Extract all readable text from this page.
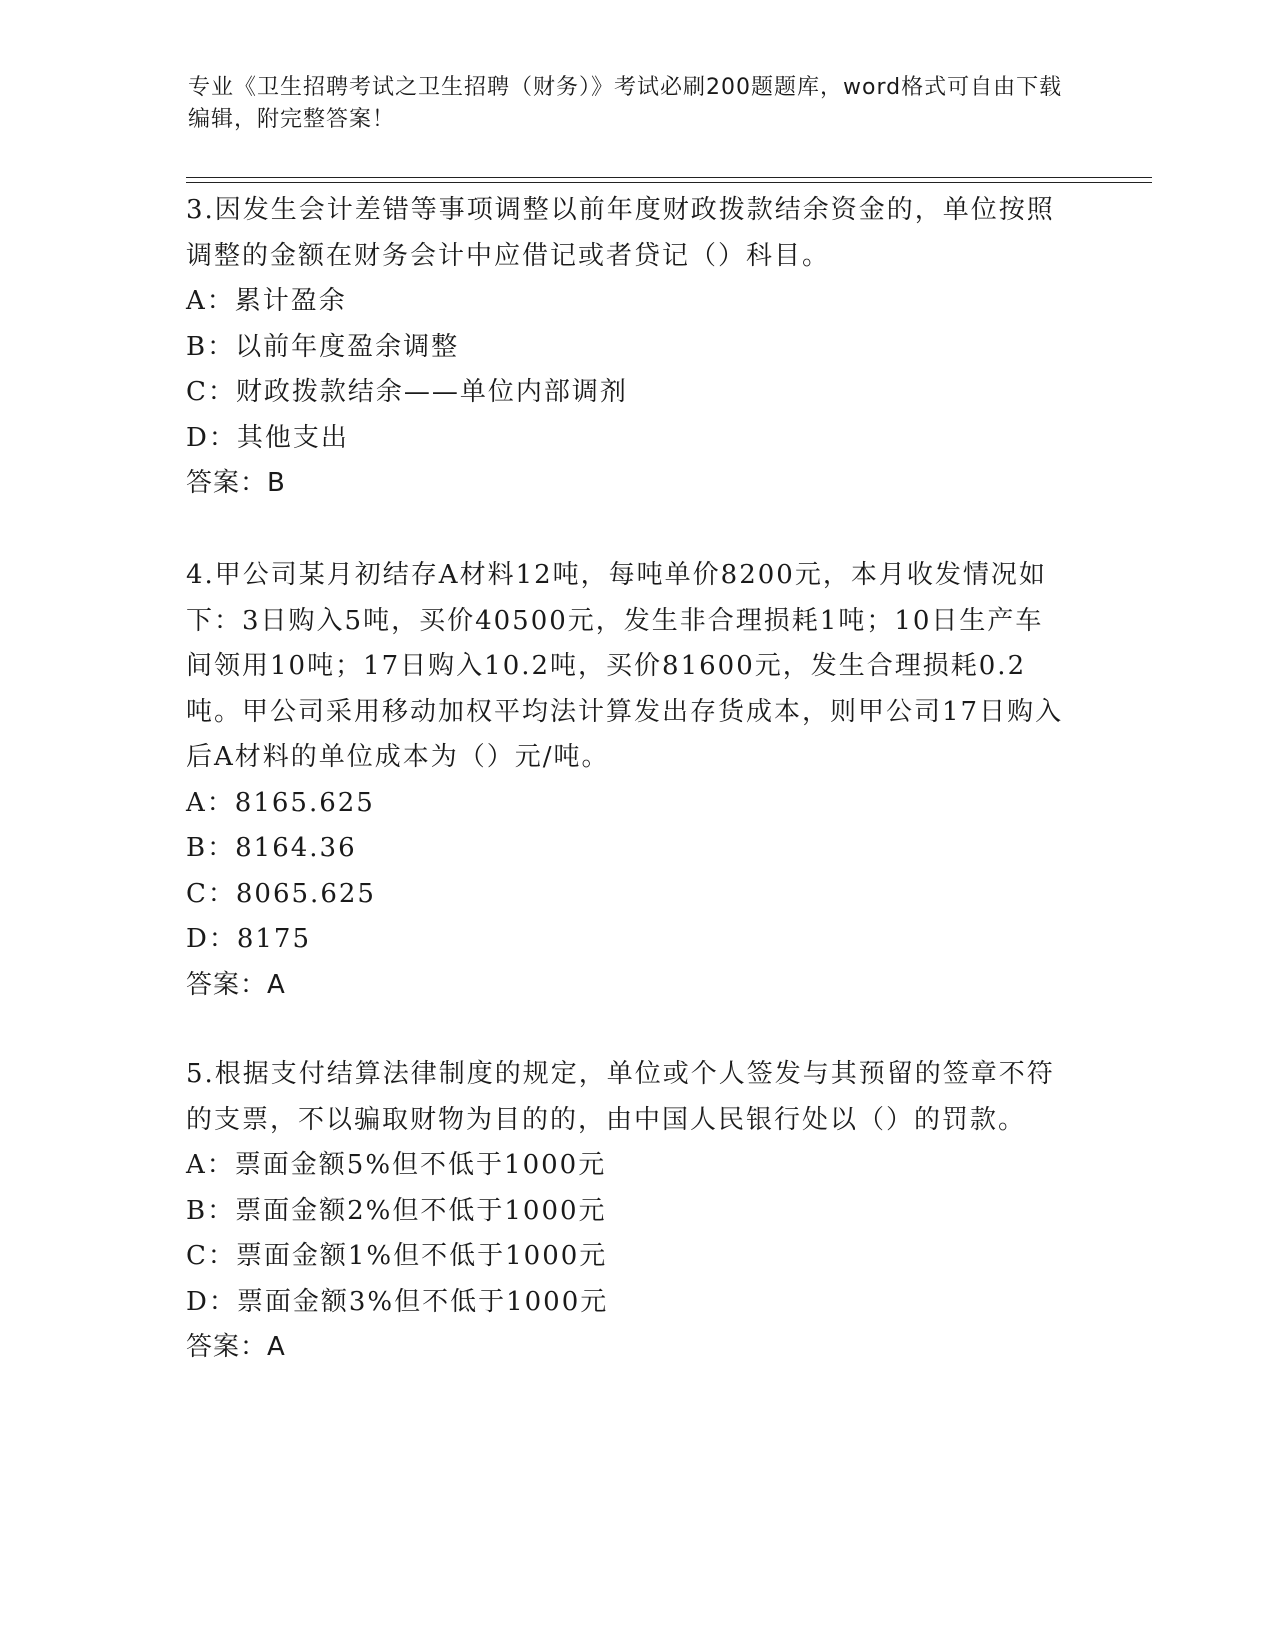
专业《卫生招聘考试之卫生招聘（财务）》考试必刷200题题库，word格式可自由下载编辑，附完整答案！

3.因发生会计差错等事项调整以前年度财政拨款结余资金的，单位按照调整的金额在财务会计中应借记或者贷记（）科目。

A：累计盈余

B：以前年度盈余调整

C：财政拨款结余——单位内部调剂

D：其他支出

答案：B

4.甲公司某月初结存A材料12吨，每吨单价8200元，本月收发情况如下：3日购入5吨，买价40500元，发生非合理损耗1吨；10日生产车间领用10吨；17日购入10.2吨，买价81600元，发生合理损耗0.2吨。甲公司采用移动加权平均法计算发出存货成本，则甲公司17日购入后A材料的单位成本为（）元/吨。

A：8165.625

B：8164.36

C：8065.625

D：8175

答案：A

5.根据支付结算法律制度的规定，单位或个人签发与其预留的签章不符的支票，不以骗取财物为目的的，由中国人民银行处以（）的罚款。

A：票面金额5%但不低于1000元

B：票面金额2%但不低于1000元

C：票面金额1%但不低于1000元

D：票面金额3%但不低于1000元

答案：A
